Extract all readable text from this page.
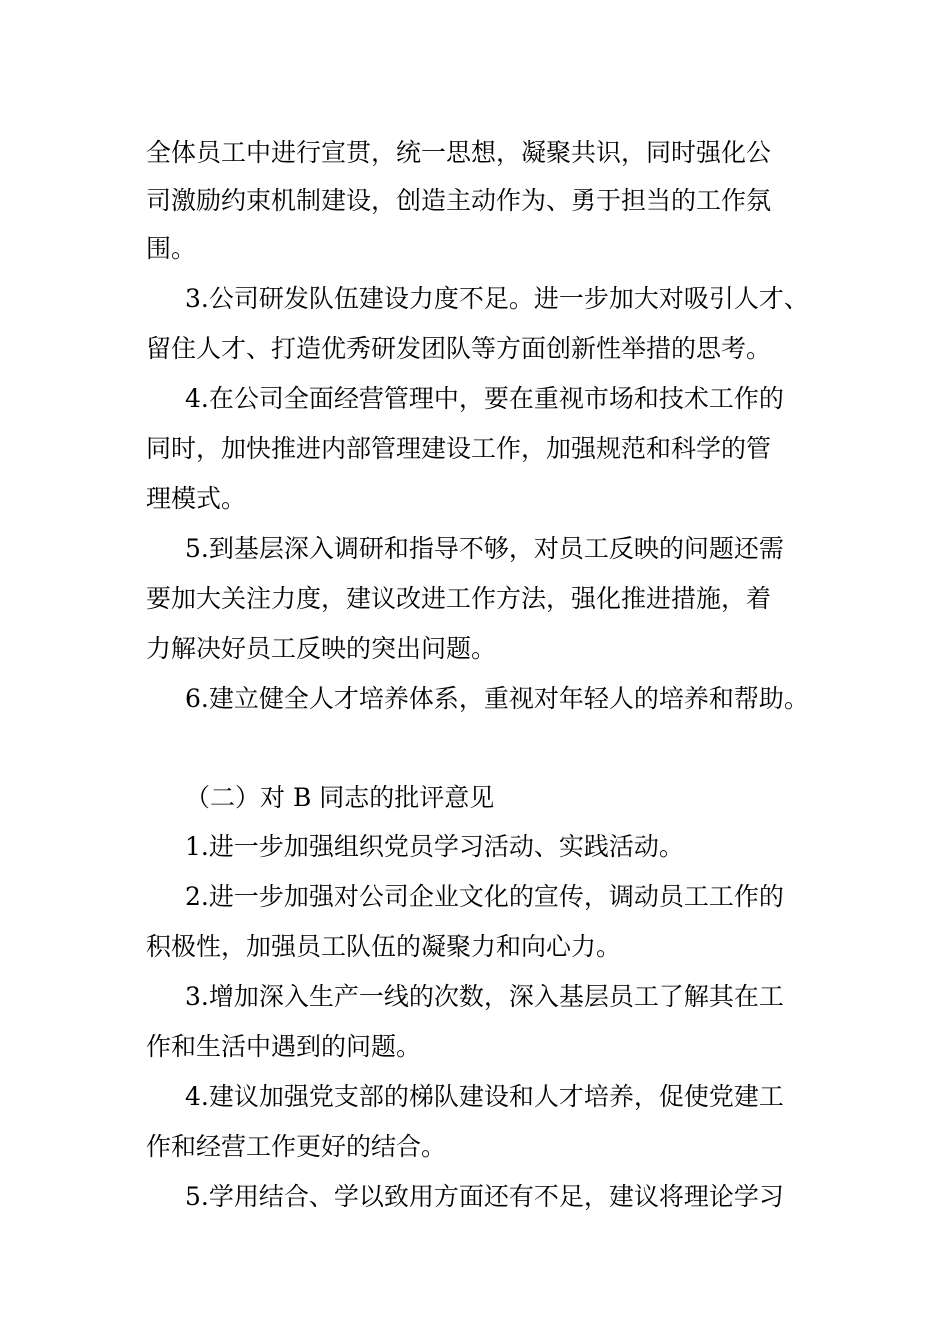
全体员工中进行宣贯，统一思想，凝聚共识，同时强化公
司激励约束机制建设，创造主动作为、勇于担当的工作氛
围。
3.公司研发队伍建设力度不足。进一步加大对吸引人才、
留住人才、打造优秀研发团队等方面创新性举措的思考。
4.在公司全面经营管理中，要在重视市场和技术工作的
同时，加快推进内部管理建设工作，加强规范和科学的管
理模式。
5.到基层深入调研和指导不够，对员工反映的问题还需
要加大关注力度，建议改进工作方法，强化推进措施，着
力解决好员工反映的突出问题。
6.建立健全人才培养体系，重视对年轻人的培养和帮助。
（二）对 B 同志的批评意见
1.进一步加强组织党员学习活动、实践活动。
2.进一步加强对公司企业文化的宣传，调动员工工作的
积极性，加强员工队伍的凝聚力和向心力。
3.增加深入生产一线的次数，深入基层员工了解其在工
作和生活中遇到的问题。
4.建议加强党支部的梯队建设和人才培养，促使党建工
作和经营工作更好的结合。
5.学用结合、学以致用方面还有不足，建议将理论学习
